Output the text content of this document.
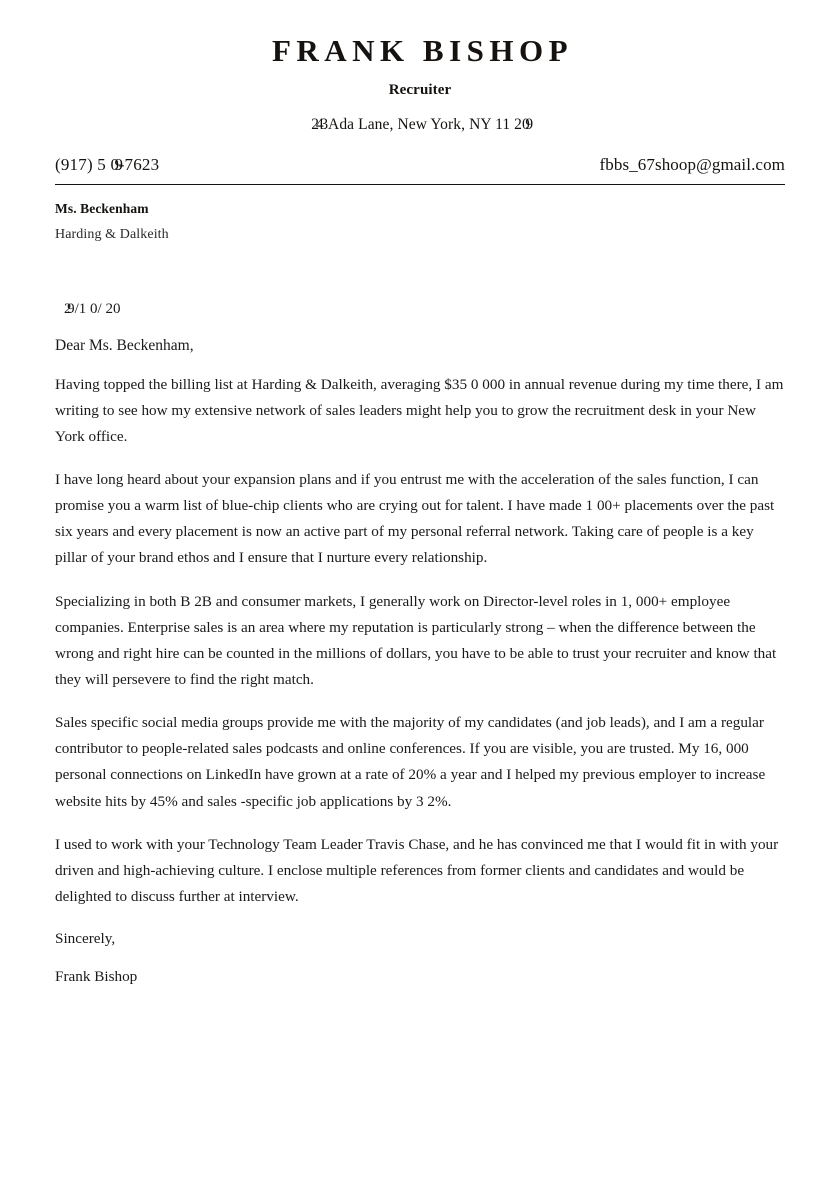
FRANK BISHOP
Recruiter
243 Ada Lane, New York, NY 11 209
(917) 5 09-7623	fbbs_67shoop@gmail.com
Ms. Beckenham
Harding & Dalkeith
29/1 0/ 20
Dear Ms. Beckenham,
Having topped the billing list at Harding & Dalkeith, averaging $35 0 000 in annual revenue during my time there, I am writing to see how my extensive network of sales leaders might help you to grow the recruitment desk in your New York office.
I have long heard about your expansion plans and if you entrust me with the acceleration of the sales function, I can promise you a warm list of blue-chip clients who are crying out for talent. I have made 1 00+ placements over the past six years and every placement is now an active part of my personal referral network. Taking care of people is a key pillar of your brand ethos and I ensure that I nurture every relationship.
Specializing in both B 2B and consumer markets, I generally work on Director-level roles in 1, 000+ employee companies. Enterprise sales is an area where my reputation is particularly strong – when the difference between the wrong and right hire can be counted in the millions of dollars, you have to be able to trust your recruiter and know that they will persevere to find the right match.
Sales specific social media groups provide me with the majority of my candidates (and job leads), and I am a regular contributor to people-related sales podcasts and online conferences. If you are visible, you are trusted. My 16, 000 personal connections on LinkedIn have grown at a rate of 20% a year and I helped my previous employer to increase website hits by 45% and sales -specific job applications by 3 2%.
I used to work with your Technology Team Leader Travis Chase, and he has convinced me that I would fit in with your driven and high-achieving culture. I enclose multiple references from former clients and candidates and would be delighted to discuss further at interview.
Sincerely,
Frank Bishop
